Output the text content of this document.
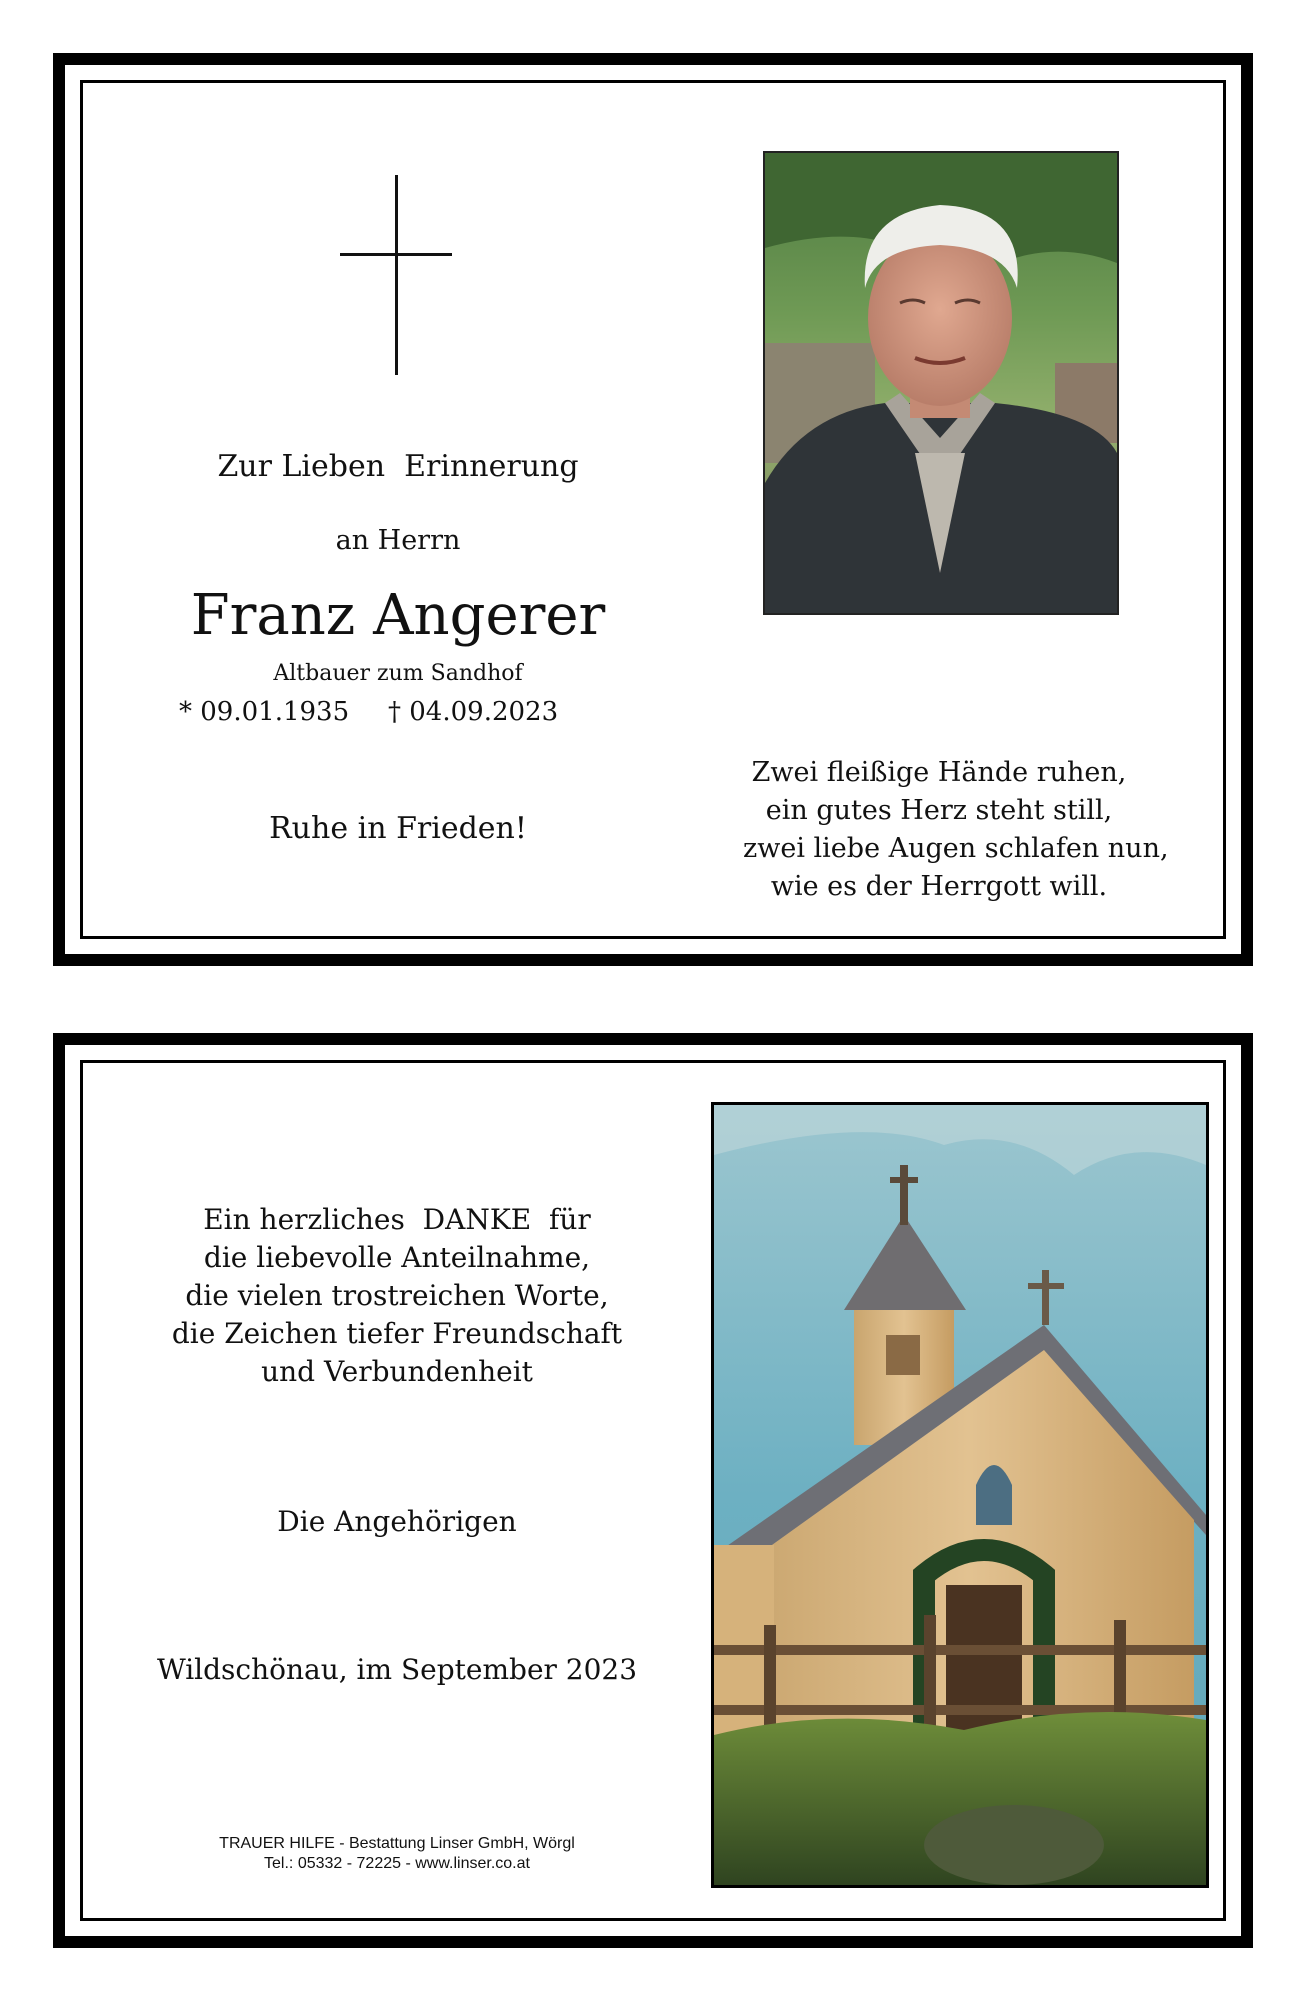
Zur Lieben  Erinnerung
an Herrn
Franz Angerer
Altbauer zum Sandhof
* 09.01.1935 † 04.09.2023
Ruhe in Frieden!
Zwei fleißige Hände ruhen,
ein gutes Herz steht still,
zwei liebe Augen schlafen nun,
wie es der Herrgott will.
Ein herzliches  DANKE  für
die liebevolle Anteilnahme,
die vielen trostreichen Worte,
die Zeichen tiefer Freundschaft
und Verbundenheit
Die Angehörigen
Wildschönau, im September 2023
TRAUER HILFE - Bestattung Linser GmbH, Wörgl
Tel.: 05332 - 72225 - www.linser.co.at
